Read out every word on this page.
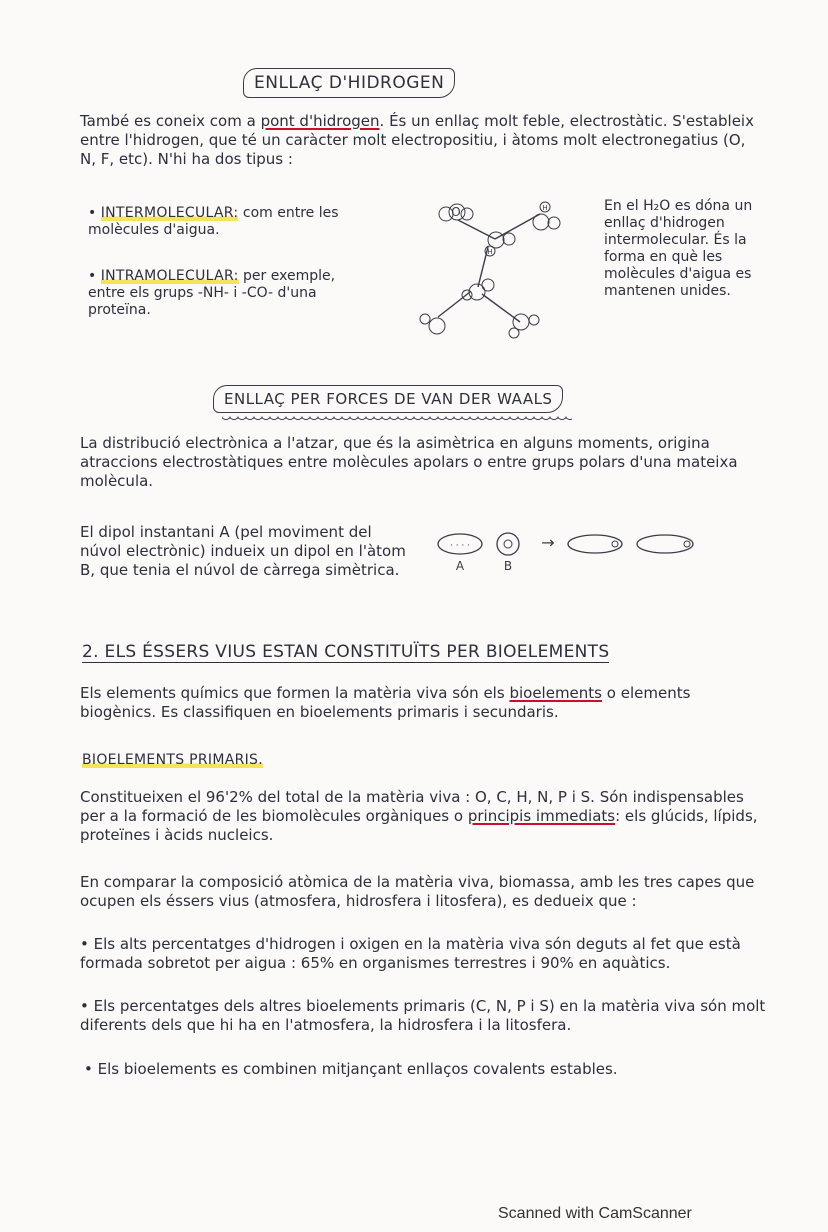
ENLLAÇ D'HIDROGEN
També es coneix com a pont d'hidrogen. És un enllaç molt feble, electrostàtic. S'estableix entre l'hidrogen, que té un caràcter molt electropositiu, i àtoms molt electronegatius (O, N, F, etc). N'hi ha dos tipus :
• INTERMOLECULAR: com entre les molècules d'aigua.
• INTRAMOLECULAR: per exemple, entre els grups -NH- i -CO- d'una proteïna.
O	H
H
En el H₂O es dóna un enllaç d'hidrogen intermolecular. És la forma en què les molècules d'aigua es mantenen unides.
ENLLAÇ PER FORCES DE VAN DER WAALS
La distribució electrònica a l'atzar, que és la asimètrica en alguns moments, origina atraccions electrostàtiques entre molècules apolars o entre grups polars d'una mateixa molècula.
El dipol instantani A (pel moviment del núvol electrònic) indueix un dipol en l'àtom B, que tenia el núvol de càrrega simètrica.
· · · ·
A	B
→
2. ELS ÉSSERS VIUS ESTAN CONSTITUÏTS PER BIOELEMENTS
Els elements químics que formen la matèria viva són els bioelements o elements biogènics. Es classifiquen en bioelements primaris i secundaris.
BIOELEMENTS PRIMARIS.
Constitueixen el 96'2% del total de la matèria viva : O, C, H, N, P i S. Són indispensables per a la formació de les biomolècules orgàniques o principis immediats: els glúcids, lípids, proteïnes i àcids nucleics.
En comparar la composició atòmica de la matèria viva, biomassa, amb les tres capes que ocupen els éssers vius (atmosfera, hidrosfera i litosfera), es dedueix que :
• Els alts percentatges d'hidrogen i oxigen en la matèria viva són deguts al fet que està formada sobretot per aigua : 65% en organismes terrestres i 90% en aquàtics.
• Els percentatges dels altres bioelements primaris (C, N, P i S) en la matèria viva són molt diferents dels que hi ha en l'atmosfera, la hidrosfera i la litosfera.
• Els bioelements es combinen mitjançant enllaços covalents estables.
Scanned with CamScanner
